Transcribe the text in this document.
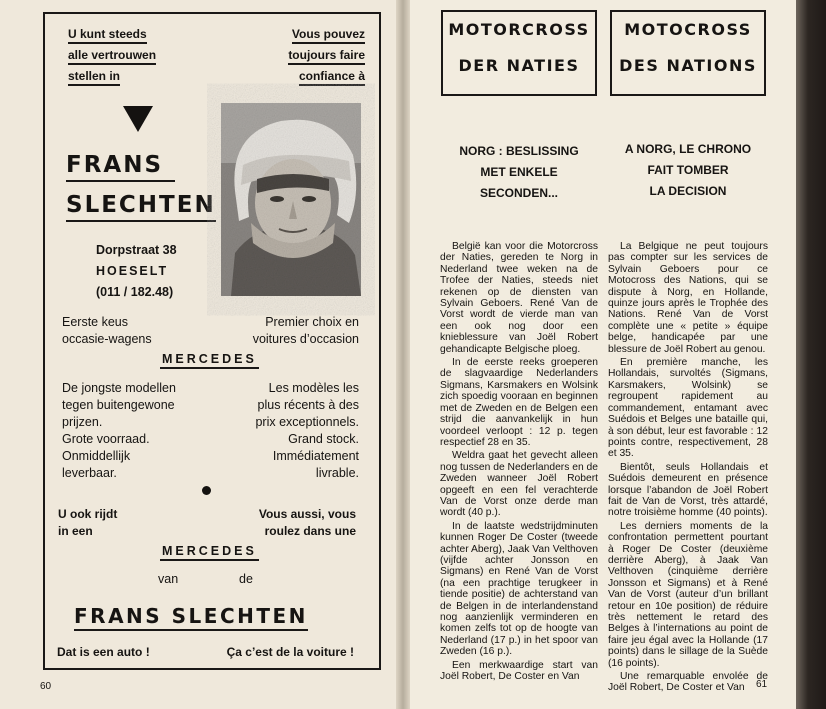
U kunt steeds
alle vertrouwen
stellen in
Vous pouvez
toujours faire
confiance à
FRANS
SLECHTEN
Dorpstraat 38
HOESELT
(011 / 182.48)
Eerste keus
occasie-wagens
Premier choix en
voitures d’occasion
MERCEDES
De jongste modellen
tegen buitengewone
prijzen.
Grote voorraad.
Onmiddellijk
leverbaar.
Les modèles les
plus récents à des
prix exceptionnels.
Grand stock.
Immédiatement
livrable.
U ook rijdt
in een
Vous aussi, vous
roulez dans une
MERCEDES
van	de
FRANS SLECHTEN
Dat is een auto !	Ça c’est de la voiture !
60
MOTORCROSS
DER NATIES
MOTOCROSS
DES NATIONS
NORG : BESLISSING
MET ENKELE
SECONDEN...
A NORG, LE CHRONO
FAIT TOMBER
LA DECISION

België kan voor die Motorcross der Naties, gereden te Norg in Nederland twee weken na de Trofee der Naties, steeds niet rekenen op de diensten van Sylvain Geboers. René Van de Vorst wordt de vierde man van een ook nog door een knieblessure van Joël Robert gehandicapte Belgische ploeg.

In de eerste reeks groeperen de slagvaardige Nederlanders Sigmans, Karsmakers en Wolsink zich spoedig vooraan en beginnen met de Zweden en de Belgen een strijd die aanvankelijk in hun voordeel verloopt : 12 p. tegen respectief 28 en 35.

Weldra gaat het gevecht alleen nog tussen de Nederlanders en de Zweden wanneer Joël Robert opgeeft en een fel verachterde Van de Vorst onze derde man wordt (40 p.).

In de laatste wedstrijdminuten kunnen Roger De Coster (tweede achter Aberg), Jaak Van Velthoven (vijfde achter Jonsson en Sigmans) en René Van de Vorst (na een prachtige terugkeer in tiende positie) de achterstand van de Belgen in de interlandenstand nog aanzienlijk verminderen en komen zelfs tot op de hoogte van Nederland (17 p.) in het spoor van Zweden (16 p.).

Een merkwaardige start van Joël Robert, De Coster en Van

La Belgique ne peut toujours pas compter sur les services de Sylvain Geboers pour ce Motocross des Nations, qui se dispute à Norg, en Hollande, quinze jours après le Trophée des Nations. René Van de Vorst complète une « petite » équipe belge, handicapée par une blessure de Joël Robert au genou.

En première manche, les Hollandais, survoltés (Sigmans, Karsmakers, Wolsink) se regroupent rapidement au commandement, entamant avec Suédois et Belges une bataille qui, à son début, leur est favorable : 12 points contre, respectivement, 28 et 35.

Bientôt, seuls Hollandais et Suédois demeurent en présence lorsque l’abandon de Joël Robert fait de Van de Vorst, très attardé, notre troisième homme (40 points).

Les derniers moments de la confrontation permettent pourtant à Roger De Coster (deuxième derrière Aberg), à Jaak Van Velthoven (cinquième derrière Jonsson et Sigmans) et à René Van de Vorst (auteur d’un brillant retour en 10e position) de réduire très nettement le retard des Belges à l’internations au point de faire jeu égal avec la Hollande (17 points) dans le sillage de la Suède (16 points).

Une remarquable envolée de Joël Robert, De Coster et Van	61
